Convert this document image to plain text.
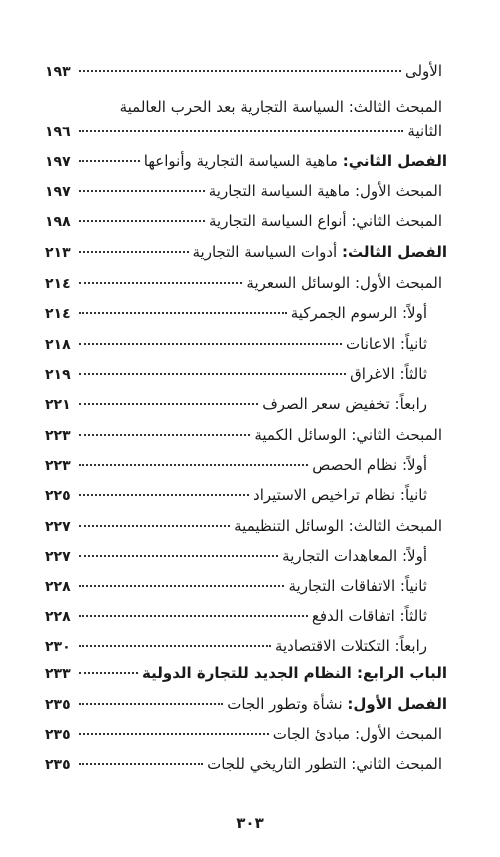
الأولى
١٩٣
المبحث الثالث: السياسة التجارية بعد الحرب العالمية
الثانية
١٩٦
الفصل الثاني: ماهية السياسة التجارية وأنواعها
١٩٧
المبحث الأول: ماهية السياسة التجارية
١٩٧
المبحث الثاني: أنواع السياسة التجارية
١٩٨
الفصل الثالث: أدوات السياسة التجارية
٢١٣
المبحث الأول: الوسائل السعرية
٢١٤
أولاً: الرسوم الجمركية
٢١٤
ثانياً: الاعانات
٢١٨
ثالثاً: الاغراق
٢١٩
رابعاً: تخفيض سعر الصرف
٢٢١
المبحث الثاني: الوسائل الكمية
٢٢٣
أولاً: نظام الحصص
٢٢٣
ثانياً: نظام تراخيص الاستيراد
٢٢٥
المبحث الثالث: الوسائل التنظيمية
٢٢٧
أولاً: المعاهدات التجارية
٢٢٧
ثانياً: الاتفاقات التجارية
٢٢٨
ثالثاً: اتفاقات الدفع
٢٢٨
رابعاً: التكتلات الاقتصادية
٢٣٠
الباب الرابع: النظام الجديد للتجارة الدولية
٢٣٣
الفصل الأول: نشأة وتطور الجات
٢٣٥
المبحث الأول: مبادئ الجات
٢٣٥
المبحث الثاني: التطور التاريخي للجات
٢٣٥
٣٠٣
